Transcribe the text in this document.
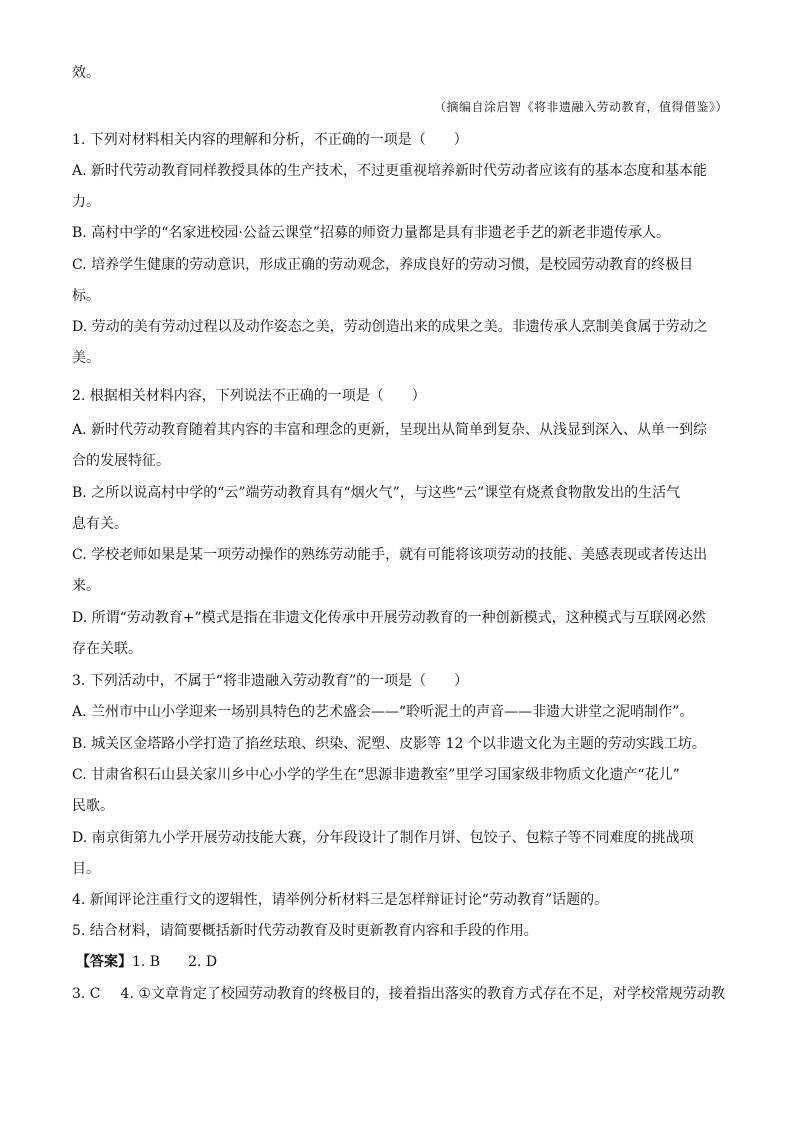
效。
（摘编自涂启智《将非遗融入劳动教育，值得借鉴》）
1. 下列对材料相关内容的理解和分析，不正确的一项是（　　）
A. 新时代劳动教育同样教授具体的生产技术，不过更重视培养新时代劳动者应该有的基本态度和基本能
力。
B. 高村中学的“名家进校园·公益云课堂”招募的师资力量都是具有非遗老手艺的新老非遗传承人。
C. 培养学生健康的劳动意识，形成正确的劳动观念，养成良好的劳动习惯，是校园劳动教育的终极目
标。
D. 劳动的美有劳动过程以及动作姿态之美，劳动创造出来的成果之美。非遗传承人烹制美食属于劳动之
美。
2. 根据相关材料内容，下列说法不正确的一项是（　　）
A. 新时代劳动教育随着其内容的丰富和理念的更新，呈现出从简单到复杂、从浅显到深入、从单一到综
合的发展特征。
B. 之所以说高村中学的“云”端劳动教育具有“烟火气”，与这些“云”课堂有烧煮食物散发出的生活气
息有关。
C. 学校老师如果是某一项劳动操作的熟练劳动能手，就有可能将该项劳动的技能、美感表现或者传达出
来。
D. 所谓“劳动教育+”模式是指在非遗文化传承中开展劳动教育的一种创新模式，这种模式与互联网必然
存在关联。
3. 下列活动中，不属于“将非遗融入劳动教育”的一项是（　　）
A. 兰州市中山小学迎来一场别具特色的艺术盛会——“聆听泥土的声音——非遗大讲堂之泥哨制作”。
B. 城关区金塔路小学打造了掐丝珐琅、织染、泥塑、皮影等 12 个以非遗文化为主题的劳动实践工坊。
C. 甘肃省积石山县关家川乡中心小学的学生在“思源非遗教室”里学习国家级非物质文化遗产“花儿”
民歌。
D. 南京街第九小学开展劳动技能大赛，分年段设计了制作月饼、包饺子、包粽子等不同难度的挑战项
目。
4. 新闻评论注重行文的逻辑性，请举例分析材料三是怎样辩证讨论“劳动教育”话题的。
5. 结合材料，请简要概括新时代劳动教育及时更新教育内容和手段的作用。
【答案】1. B 2. D
3. C 4. ①文章肯定了校园劳动教育的终极目的，接着指出落实的教育方式存在不足，对学校常规劳动教
